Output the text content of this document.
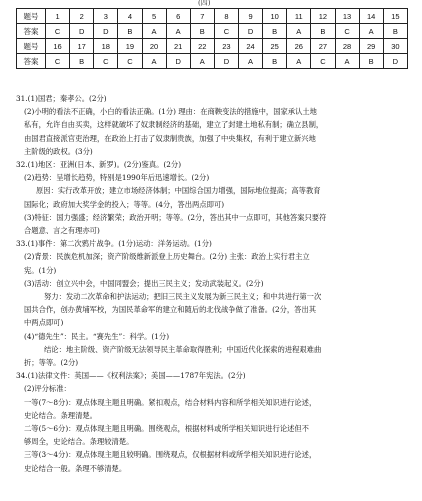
(四)
题号	1	2	3	4	5	6	7	8	9	10	11	12	13	14	15
答案	C	D	D	B	A	A	B	C	D	B	A	B	C	A	B
题号	16	17	18	19	20	21	22	23	24	25	26	27	28	29	30
答案	C	B	C	C	A	D	A	D	A	B	A	C	A	B	D
31.(1)国君；秦孝公。(2分)
(2)小明的看法不正确，小白的看法正确。(1分) 理由：在商鞅变法的措施中，国家承认土地
私有，允许自由买卖，这样就破坏了奴隶制经济的基础，建立了封建土地私有制；确立县制，
由国君直接派官吏治理，在政治上打击了奴隶制贵族，加强了中央集权，有利于建立新兴地
主阶级的政权。(3分)
32.(1)地区：亚洲(日本、新罗)。(2分)鉴真。(2分)
(2)趋势：呈增长趋势，特别是1990年后迅速增长。(2分)
原因：实行改革开放；建立市场经济体制；中国综合国力增强，国际地位提高；高等教育
国际化；政府加大奖学金的投入；等等。(4分，答出两点即可)
(3)特征：国力强盛；经济繁荣；政治开明；等等。(2分，答出其中一点即可，其他答案只要符
合题意、言之有理亦可)
33.(1)事件：第二次鸦片战争。(1分)运动：洋务运动。(1分)
(2)背景：民族危机加深；资产阶级维新派登上历史舞台。(2分) 主张：政治上实行君主立
宪。(1分)
(3)活动：创立兴中会，中国同盟会；提出三民主义；发动武装起义。(2分)
努力：发动二次革命和护法运动；把旧三民主义发展为新三民主义；和中共进行第一次
国共合作，创办黄埔军校，为国民革命军的建立和随后的北伐战争做了准备。(2分，答出其
中两点即可)
(4)“德先生”：民主。“赛先生”：科学。(1分)
结论：地主阶级、资产阶级无法领导民主革命取得胜利；中国近代化探索的进程艰难曲
折；等等。(2分)
34.(1)法律文件：英国——《权利法案》；美国——1787年宪法。(2分)
(2)评分标准：
一等(7～8分)：观点体现主题且明确。紧扣观点，结合材料内容和所学相关知识进行论述，
史论结合。条理清楚。
二等(5～6分)：观点体现主题且明确。围绕观点，根据材料或所学相关知识进行论述但不
够周全，史论结合。条理较清楚。
三等(3～4分)：观点体现主题且较明确。围绕观点，仅根据材料或所学相关知识进行论述，
史论结合一般。条理不够清楚。
